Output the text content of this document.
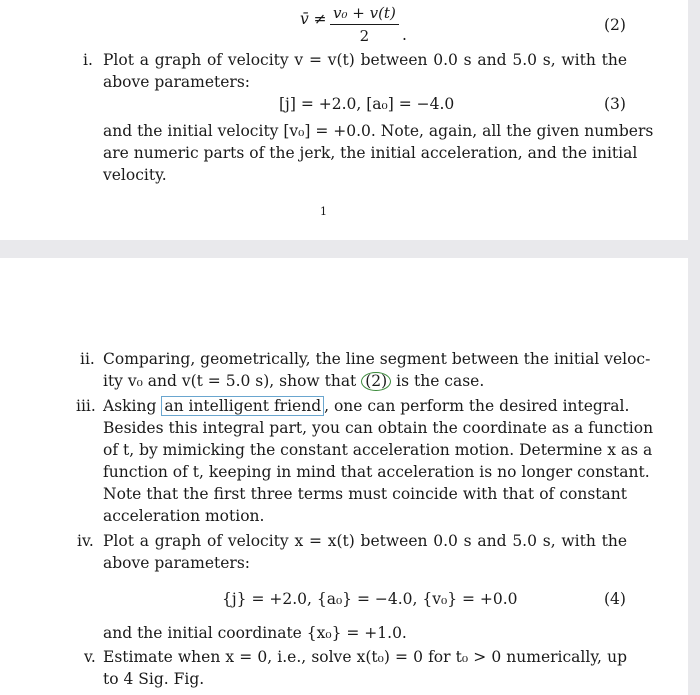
v̄ ≠ $\frac{\text{v₀ + v(t)}}{2}$ .
(2)
i. Plot a graph of velocity v = v(t) between 0.0 s and 5.0 s, with the
above parameters:
[j] = +2.0, [a₀] = −4.0	(3)
and the initial velocity [v₀] = +0.0. Note, again, all the given numbers
are numeric parts of the jerk, the initial acceleration, and the initial
velocity.
1
ii. Comparing, geometrically, the line segment between the initial veloc-
ity v₀ and v(t = 5.0 s), show that (2) is the case.
iii. Asking an intelligent friend , one can perform the desired integral.
Besides this integral part, you can obtain the coordinate as a function
of t, by mimicking the constant acceleration motion. Determine x as a
function of t, keeping in mind that acceleration is no longer constant.
Note that the first three terms must coincide with that of constant
acceleration motion.
iv. Plot a graph of velocity x = x(t) between 0.0 s and 5.0 s, with the
above parameters:
{j} = +2.0, {a₀} = −4.0, {v₀} = +0.0	(4)
and the initial coordinate {x₀} = +1.0.
v. Estimate when x = 0, i.e., solve x(t₀) = 0 for t₀ > 0 numerically, up
to 4 Sig. Fig.
